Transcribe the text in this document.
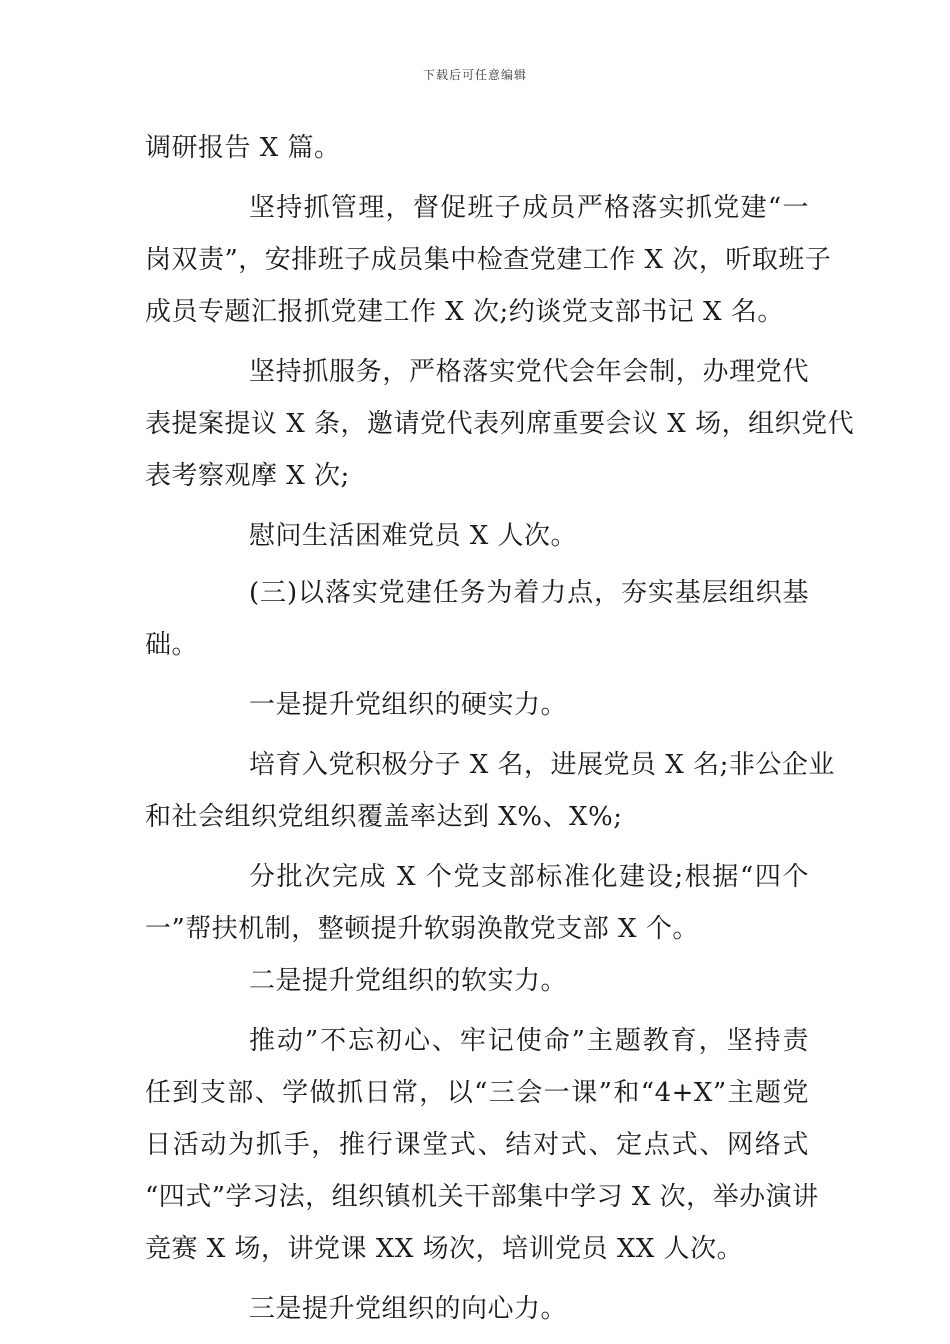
下载后可任意编辑
调研报告 X 篇。
坚持抓管理，督促班子成员严格落实抓党建“一
岗双责”，安排班子成员集中检查党建工作 X 次，听取班子
成员专题汇报抓党建工作 X 次;约谈党支部书记 X 名。
坚持抓服务，严格落实党代会年会制，办理党代
表提案提议 X 条，邀请党代表列席重要会议 X 场，组织党代
表考察观摩 X 次;
慰问生活困难党员 X 人次。
(三)以落实党建任务为着力点，夯实基层组织基
础。
一是提升党组织的硬实力。
培育入党积极分子 X 名，进展党员 X 名;非公企业
和社会组织党组织覆盖率达到 X%、X%;
分批次完成 X 个党支部标准化建设;根据“四个
一”帮扶机制，整顿提升软弱涣散党支部 X 个。
二是提升党组织的软实力。
推动”不忘初心、牢记使命”主题教育，坚持责
任到支部、学做抓日常，以“三会一课”和“4+X”主题党
日活动为抓手，推行课堂式、结对式、定点式、网络式
“四式”学习法，组织镇机关干部集中学习 X 次，举办演讲
竞赛 X 场，讲党课 XX 场次，培训党员 XX 人次。
三是提升党组织的向心力。
